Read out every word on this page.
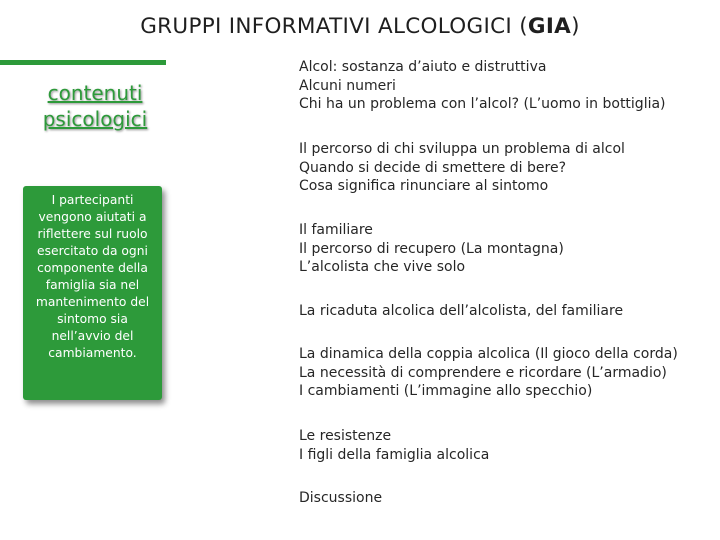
GRUPPI INFORMATIVI ALCOLOGICI (GIA)
contenuti
psicologici
I partecipanti vengono aiutati a riflettere sul ruolo esercitato da ogni componente della famiglia sia nel mantenimento del sintomo sia nell’avvio del cambiamento.
Alcol: sostanza d’aiuto e distruttiva
Alcuni numeri
Chi ha un problema con l’alcol? (L’uomo in bottiglia)
Il percorso di chi sviluppa un problema di alcol
Quando si decide di smettere di bere?
Cosa significa rinunciare al sintomo
Il familiare
Il percorso di recupero (La montagna)
L’alcolista che vive solo
La ricaduta alcolica dell’alcolista, del familiare
La dinamica della coppia alcolica (Il gioco della corda)
La necessità di comprendere e ricordare (L’armadio)
I cambiamenti (L’immagine allo specchio)
Le resistenze
I figli della famiglia alcolica
Discussione
